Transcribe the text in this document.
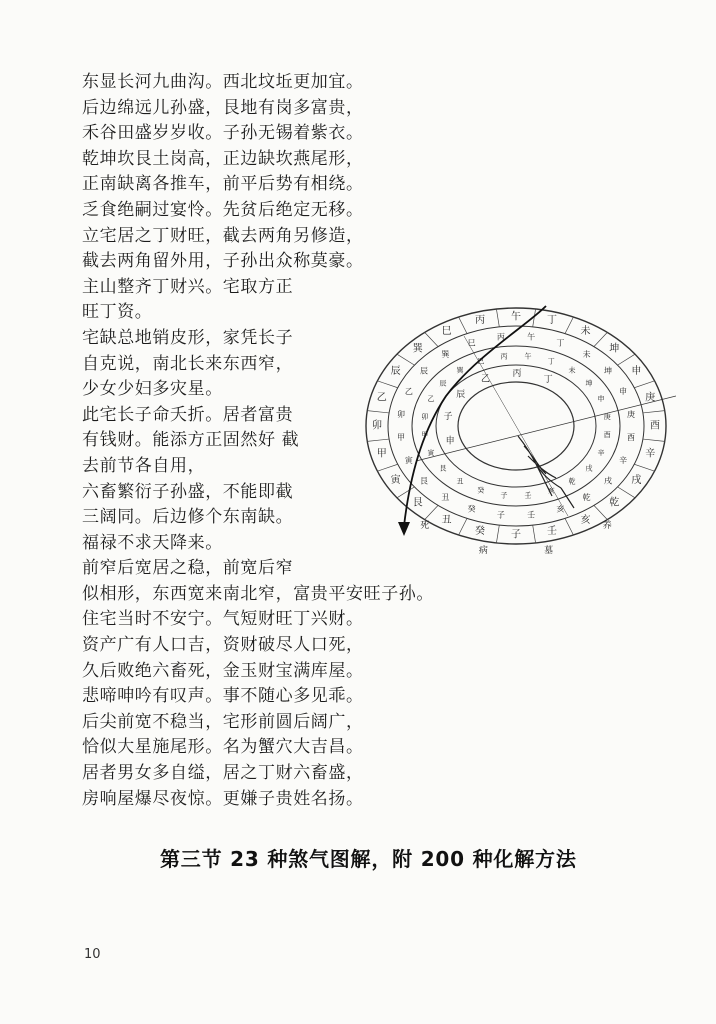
东显长河九曲沟。西北坟坵更加宜。
后边绵远儿孙盛，艮地有岗多富贵，
禾谷田盛岁岁收。子孙无锡着紫衣。
乾坤坎艮土岗高，正边缺坎燕尾形，
正南缺离各推车，前平后势有相绕。
乏食绝嗣过宴怜。先贫后绝定无移。
立宅居之丁财旺，截去两角另修造，
截去两角留外用，子孙出众称莫豪。
主山整齐丁财兴。宅取方正
旺丁资。
宅缺总地销皮形，家凭长子
自克说，南北长来东西窄，
少女少妇多灾星。
此宅长子命夭折。居者富贵
有钱财。能添方正固然好 截
去前节各自用，
六畜繁衍子孙盛，不能即截
三阔同。后边修个东南缺。
福禄不求天降来。
前窄后宽居之稳，前宽后窄
似相形，东西宽来南北窄，富贵平安旺子孙。
住宅当时不安宁。气短财旺丁兴财。
资产广有人口吉，资财破尽人口死，
久后败绝六畜死，金玉财宝满库屋。
悲啼呻吟有叹声。事不随心多见乖。
后尖前宽不稳当，宅形前圆后阔广，
恰似大星施尾形。名为蟹穴大吉昌。
居者男女多自缢，居之丁财六畜盛，
房响屋爆尽夜惊。更嫌子贵姓名扬。
午	丁
未
坤
申
庚
酉
辛
戌
乾
亥
壬
子
癸
丑
艮
寅
甲
卯
乙
辰
巽
巳
丙
午
午
丁
丁
未
未	坤
坤
申
申
庚
庚
酉
酉
辛
辛
戌
戌
乾
乾
亥
亥
壬
壬
子
子
癸
癸
丑
丑
艮
艮
寅
寅
甲 甲
卯 卯
乙
乙
辰
辰
巽
巽
巳
巳
丙
丙
养
墓
病
死
申
子
辰
乙
丙
丁
第三节 23 种煞气图解，附 200 种化解方法
10
